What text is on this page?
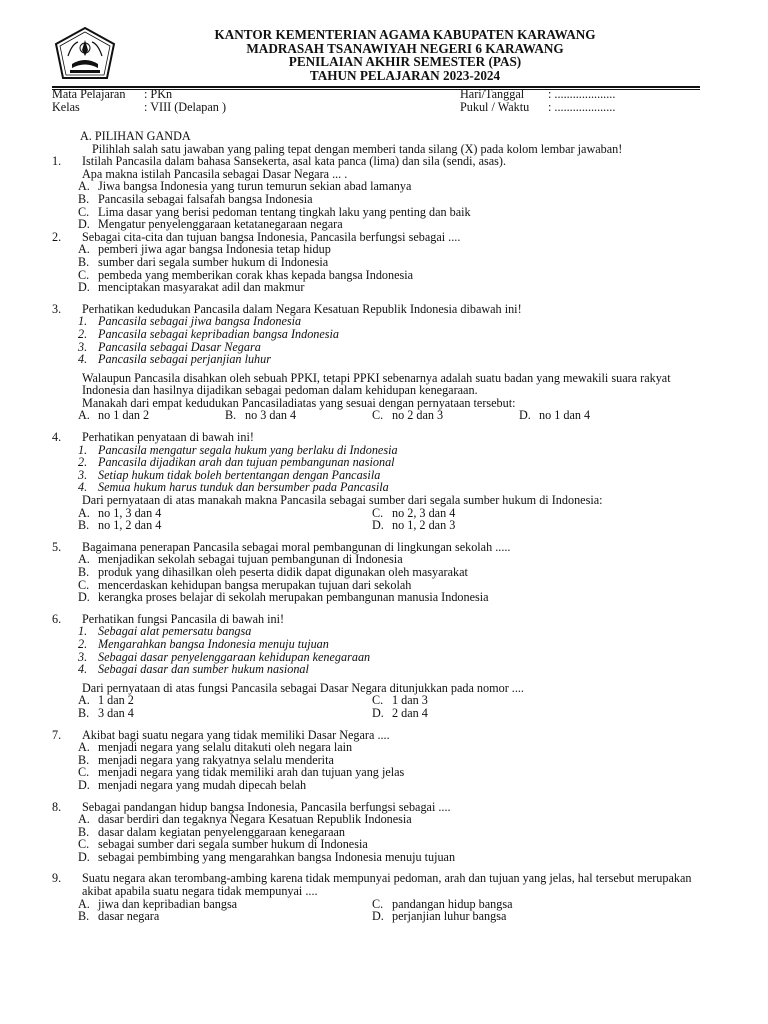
KANTOR KEMENTERIAN AGAMA KABUPATEN KARAWANG
MADRASAH TSANAWIYAH NEGERI 6 KARAWANG
PENILAIAN AKHIR SEMESTER (PAS)
TAHUN PELAJARAN 2023-2024
Mata Pelajaran : PKn
Kelas	: VIII (Delapan )
Hari/Tanggal : ....................
Pukul / Waktu : ....................
A. PILIHAN GANDA
Pilihlah salah satu jawaban yang paling tepat dengan memberi tanda silang (X) pada kolom lembar jawaban!
1.	Istilah Pancasila dalam bahasa Sansekerta, asal kata panca (lima) dan sila (sendi, asas).
Apa makna istilah Pancasila sebagai Dasar Negara ... .
A. Jiwa bangsa Indonesia yang turun temurun sekian abad lamanya
B. Pancasila sebagai falsafah bangsa Indonesia
C. Lima dasar yang berisi pedoman tentang tingkah laku yang penting dan baik
D. Mengatur penyelenggaraan ketatanegaraan negara
2.	Sebagai cita-cita dan tujuan bangsa Indonesia, Pancasila berfungsi sebagai ....
A. pemberi jiwa agar bangsa Indonesia tetap hidup
B. sumber dari segala sumber hukum di Indonesia
C. pembeda yang memberikan corak khas kepada bangsa Indonesia
D. menciptakan masyarakat adil dan makmur
3.	Perhatikan kedudukan Pancasila dalam Negara Kesatuan Republik Indonesia dibawah ini!
1. Pancasila sebagai jiwa bangsa Indonesia
2. Pancasila sebagai kepribadian bangsa Indonesia
3. Pancasila sebagai Dasar Negara
4. Pancasila sebagai perjanjian luhur
Walaupun Pancasila disahkan oleh sebuah PPKI, tetapi PPKI sebenarnya adalah suatu badan yang mewakili suara rakyat Indonesia dan hasilnya dijadikan sebagai pedoman dalam kehidupan kenegaraan.
Manakah dari empat kedudukan Pancasiladiatas yang sesuai dengan pernyataan tersebut:
A. no 1 dan 2	B. no 3 dan 4	C. no 2 dan 3	D. no 1 dan 4
4.	Perhatikan penyataan di bawah ini!
1. Pancasila mengatur segala hukum yang berlaku di Indonesia
2. Pancasila dijadikan arah dan tujuan pembangunan nasional
3. Setiap hukum tidak boleh bertentangan dengan Pancasila
4. Semua hukum harus tunduk dan bersumber pada Pancasila
Dari pernyataan di atas manakah makna Pancasila sebagai sumber dari segala sumber hukum di Indonesia:
A. no 1, 3 dan 4	C. no 2, 3 dan 4
B. no 1, 2 dan 4	D. no 1, 2 dan 3
5.	Bagaimana penerapan Pancasila sebagai moral pembangunan di lingkungan sekolah .....
A. menjadikan sekolah sebagai tujuan pembangunan di Indonesia
B. produk yang dihasilkan oleh peserta didik dapat digunakan oleh masyarakat
C. mencerdaskan kehidupan bangsa merupakan tujuan dari sekolah
D. kerangka proses belajar di sekolah merupakan pembangunan manusia Indonesia
6.	Perhatikan fungsi Pancasila di bawah ini!
1. Sebagai alat pemersatu bangsa
2. Mengarahkan bangsa Indonesia menuju tujuan
3. Sebagai dasar penyelenggaraan kehidupan kenegaraan
4. Sebagai dasar dan sumber hukum nasional
Dari pernyataan di atas fungsi Pancasila sebagai Dasar Negara ditunjukkan pada nomor ....
A. 1 dan 2	C. 1 dan 3
B. 3 dan 4	D. 2 dan 4
7.	Akibat bagi suatu negara yang tidak memiliki Dasar Negara ....
A. menjadi negara yang selalu ditakuti oleh negara lain
B. menjadi negara yang rakyatnya selalu menderita
C. menjadi negara yang tidak memiliki arah dan tujuan yang jelas
D. menjadi negara yang mudah dipecah belah
8.	Sebagai pandangan hidup bangsa Indonesia, Pancasila berfungsi sebagai ....
A. dasar berdiri dan tegaknya Negara Kesatuan Republik Indonesia
B. dasar dalam kegiatan penyelenggaraan kenegaraan
C. sebagai sumber dari segala sumber hukum di Indonesia
D. sebagai pembimbing yang mengarahkan bangsa Indonesia menuju tujuan
9.	Suatu negara akan terombang-ambing karena tidak mempunyai pedoman, arah dan tujuan yang jelas, hal tersebut merupakan akibat apabila suatu negara tidak mempunyai ....
A. jiwa dan kepribadian bangsa	C. pandangan hidup bangsa
B. dasar negara	D. perjanjian luhur bangsa
